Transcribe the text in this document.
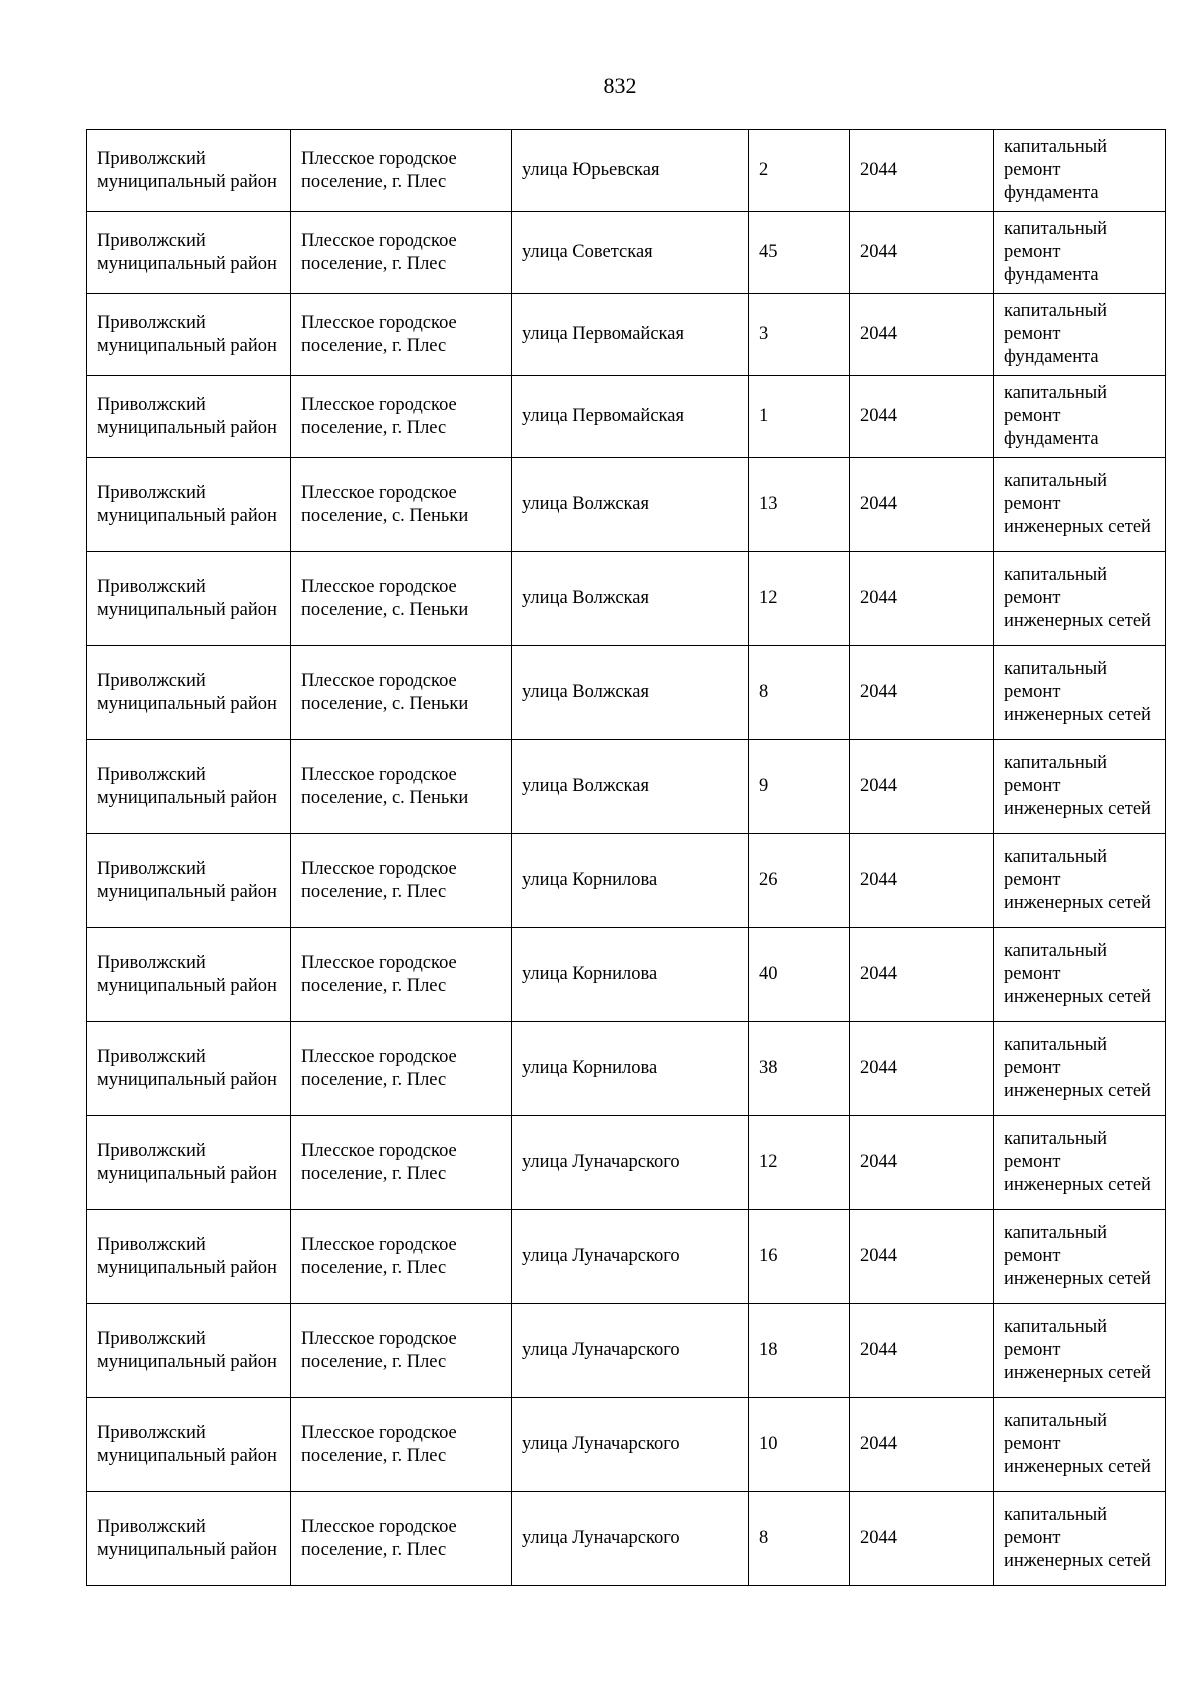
832
Приволжский муниципальный район	Плесское городское поселение, г. Плес	улица Юрьевская	2	2044	капитальный ремонт фундамента
Приволжский муниципальный район	Плесское городское поселение, г. Плес	улица Советская	45	2044	капитальный ремонт фундамента
Приволжский муниципальный район	Плесское городское поселение, г. Плес	улица Первомайская	3	2044	капитальный ремонт фундамента
Приволжский муниципальный район	Плесское городское поселение, г. Плес	улица Первомайская	1	2044	капитальный ремонт фундамента
Приволжский муниципальный район	Плесское городское поселение, с. Пеньки	улица Волжская	13	2044	капитальный ремонт инженерных сетей
Приволжский муниципальный район	Плесское городское поселение, с. Пеньки	улица Волжская	12	2044	капитальный ремонт инженерных сетей
Приволжский муниципальный район	Плесское городское поселение, с. Пеньки	улица Волжская	8	2044	капитальный ремонт инженерных сетей
Приволжский муниципальный район	Плесское городское поселение, с. Пеньки	улица Волжская	9	2044	капитальный ремонт инженерных сетей
Приволжский муниципальный район	Плесское городское поселение, г. Плес	улица Корнилова	26	2044	капитальный ремонт инженерных сетей
Приволжский муниципальный район	Плесское городское поселение, г. Плес	улица Корнилова	40	2044	капитальный ремонт инженерных сетей
Приволжский муниципальный район	Плесское городское поселение, г. Плес	улица Корнилова	38	2044	капитальный ремонт инженерных сетей
Приволжский муниципальный район	Плесское городское поселение, г. Плес	улица Луначарского	12	2044	капитальный ремонт инженерных сетей
Приволжский муниципальный район	Плесское городское поселение, г. Плес	улица Луначарского	16	2044	капитальный ремонт инженерных сетей
Приволжский муниципальный район	Плесское городское поселение, г. Плес	улица Луначарского	18	2044	капитальный ремонт инженерных сетей
Приволжский муниципальный район	Плесское городское поселение, г. Плес	улица Луначарского	10	2044	капитальный ремонт инженерных сетей
Приволжский муниципальный район	Плесское городское поселение, г. Плес	улица Луначарского	8	2044	капитальный ремонт инженерных сетей
